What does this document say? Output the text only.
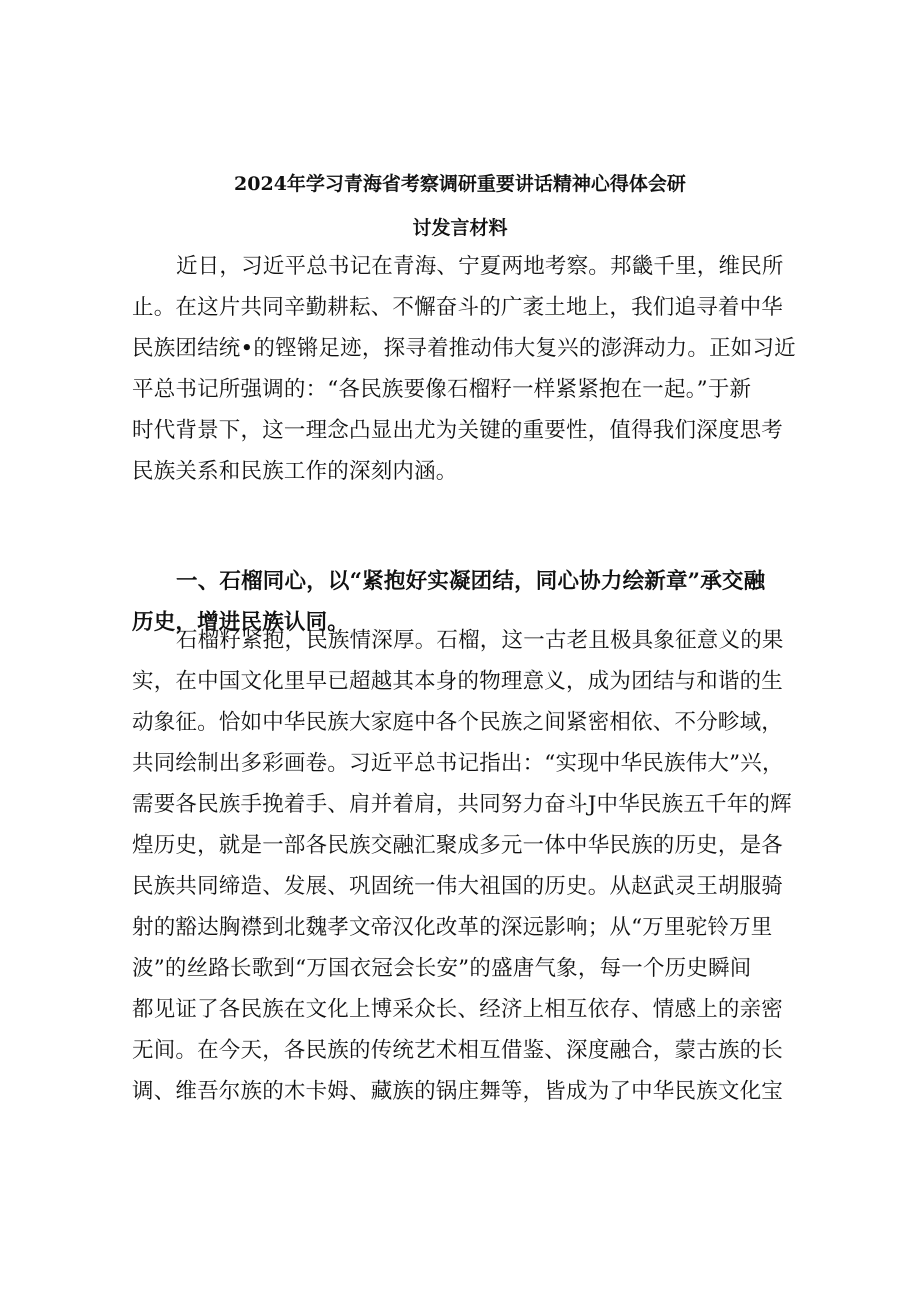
2024年学习青海省考察调研重要讲话精神心得体会研
讨发言材料
近日，习近平总书记在青海、宁夏两地考察。邦畿千里，维民所
止。在这片共同辛勤耕耘、不懈奋斗的广袤土地上，我们追寻着中华
民族团结统•的铿锵足迹，探寻着推动伟大复兴的澎湃动力。正如习近
平总书记所强调的：“各民族要像石榴籽一样紧紧抱在一起。”于新
时代背景下，这一理念凸显出尤为关键的重要性，值得我们深度思考
民族关系和民族工作的深刻内涵。
一、石榴同心，以“紧抱好实凝团结，同心协力绘新章”承交融
历史，增进民族认同。
石榴籽紧抱，民族情深厚。石榴，这一古老且极具象征意义的果
实，在中国文化里早已超越其本身的物理意义，成为团结与和谐的生
动象征。恰如中华民族大家庭中各个民族之间紧密相依、不分畛域，
共同绘制出多彩画卷。习近平总书记指出：“实现中华民族伟大”兴，
需要各民族手挽着手、肩并着肩，共同努力奋斗J中华民族五千年的辉
煌历史，就是一部各民族交融汇聚成多元一体中华民族的历史，是各
民族共同缔造、发展、巩固统一伟大祖国的历史。从赵武灵王胡服骑
射的豁达胸襟到北魏孝文帝汉化改革的深远影响；从“万里驼铃万里
波”的丝路长歌到“万国衣冠会长安”的盛唐气象，每一个历史瞬间
都见证了各民族在文化上博采众长、经济上相互依存、情感上的亲密
无间。在今天，各民族的传统艺术相互借鉴、深度融合，蒙古族的长
调、维吾尔族的木卡姆、藏族的锅庄舞等，皆成为了中华民族文化宝
